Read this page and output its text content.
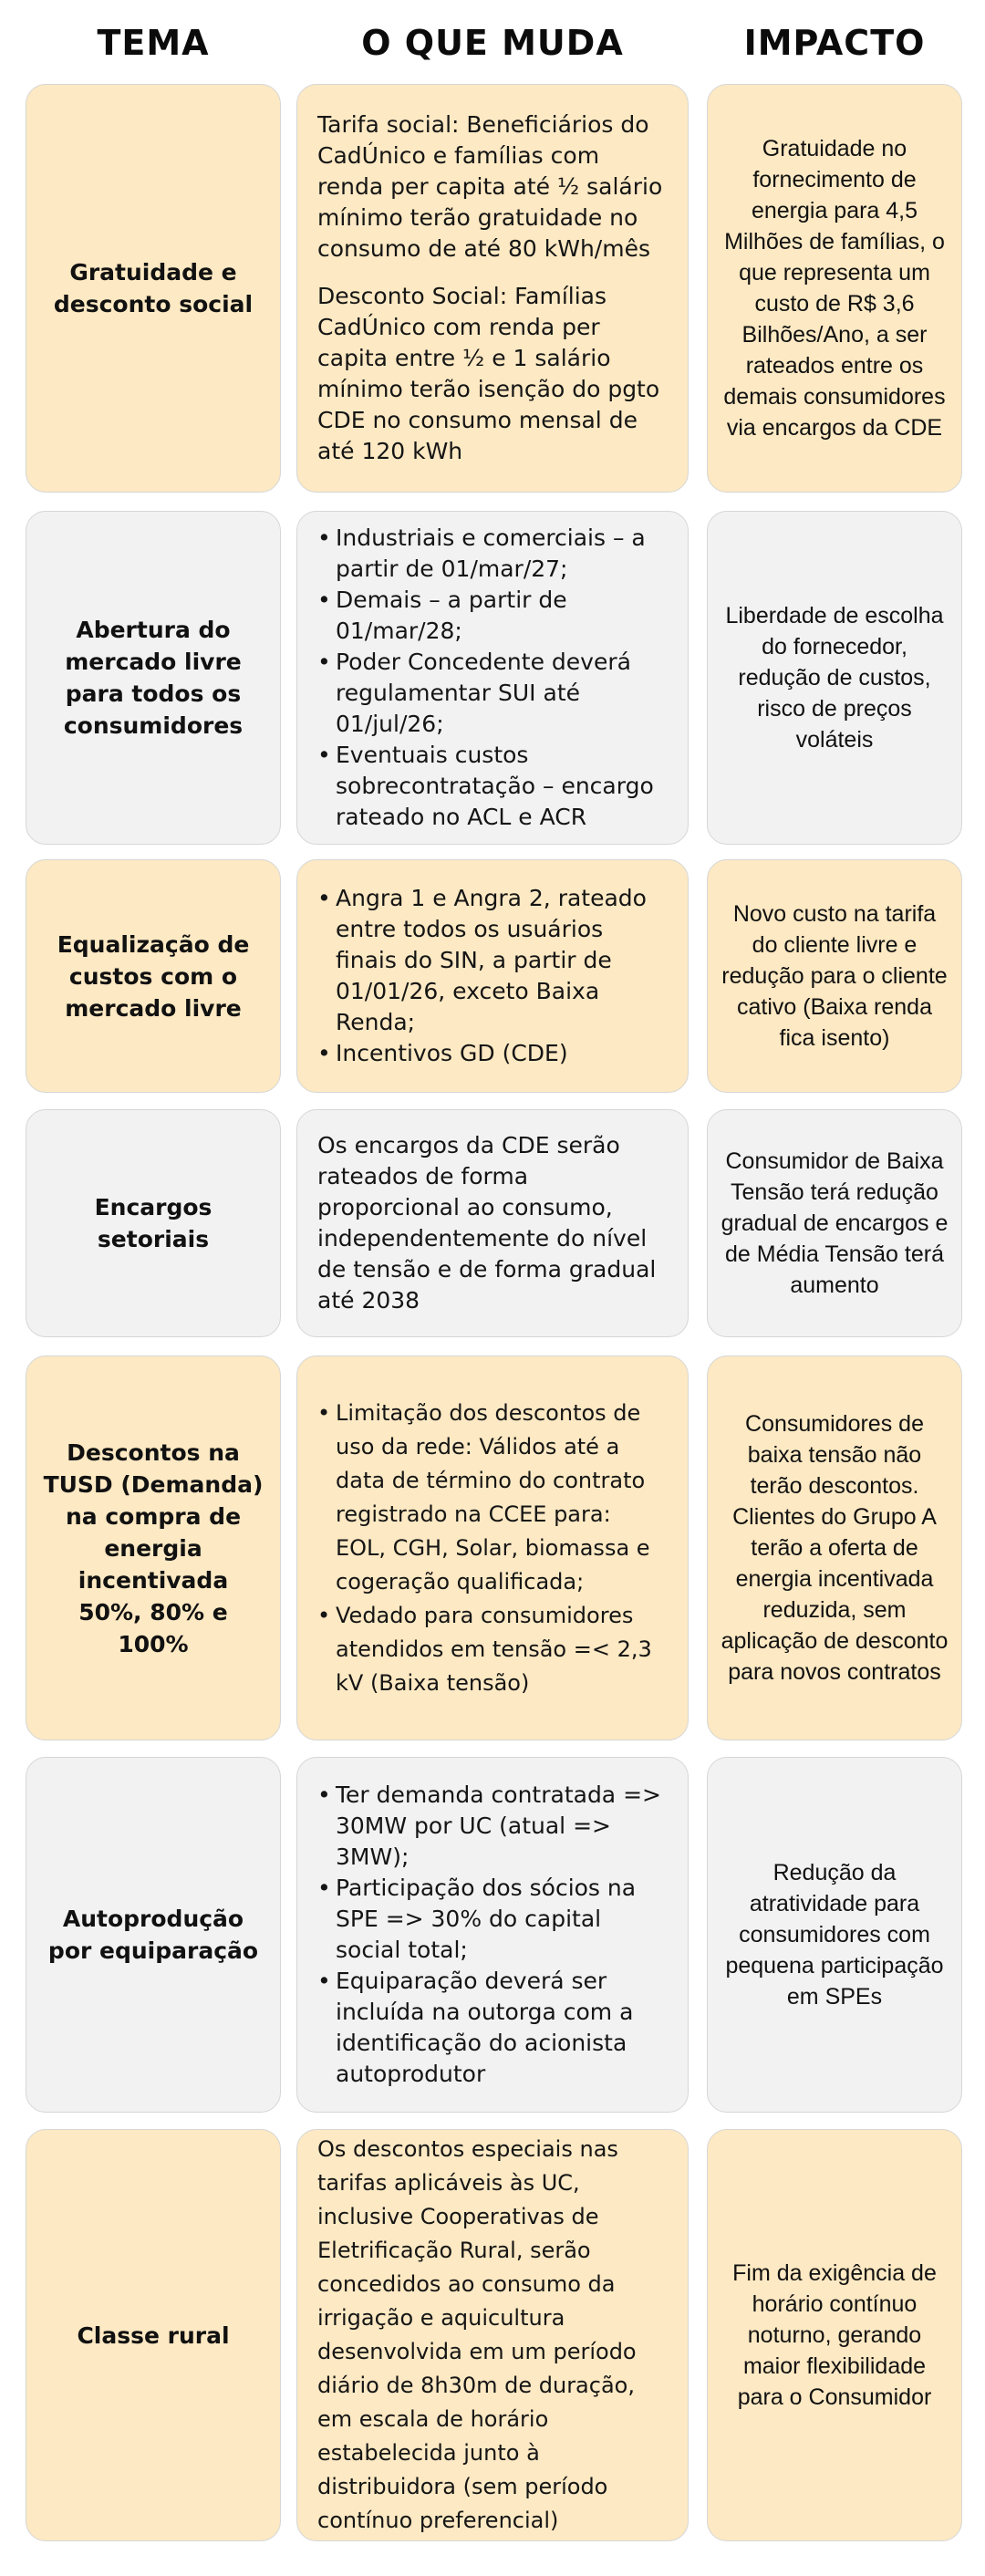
TEMA	O QUE MUDA	IMPACTO
Gratuidade e desconto social
Tarifa social: Beneficiários do CadÚnico e famílias com renda per capita até ½ salário mínimo terão gratuidade no consumo de até 80 kWh/mês
Desconto Social: Famílias CadÚnico com renda per capita entre ½ e 1 salário mínimo terão isenção do pgto CDE no consumo mensal de até 120 kWh
Gratuidade no fornecimento de energia para 4,5 Milhões de famílias, o que representa um custo de R$ 3,6 Bilhões/Ano, a ser rateados entre os demais consumidores via encargos da CDE
Abertura do mercado livre para todos os consumidores
• Industriais e comerciais – a partir de 01/mar/27;
• Demais – a partir de 01/mar/28;
• Poder Concedente deverá regulamentar SUI até 01/jul/26;
• Eventuais custos sobrecontratação – encargo rateado no ACL e ACR
Liberdade de escolha do fornecedor, redução de custos, risco de preços voláteis
Equalização de custos com o mercado livre
• Angra 1 e Angra 2, rateado entre todos os usuários finais do SIN, a partir de 01/01/26, exceto Baixa Renda;
• Incentivos GD (CDE)
Novo custo na tarifa do cliente livre e redução para o cliente cativo (Baixa renda fica isento)
Encargos setoriais
Os encargos da CDE serão rateados de forma proporcional ao consumo, independentemente do nível de tensão e de forma gradual até 2038
Consumidor de Baixa Tensão terá redução gradual de encargos e de Média Tensão terá aumento
Descontos na TUSD (Demanda) na compra de energia incentivada 50%, 80% e 100%
• Limitação dos descontos de uso da rede: Válidos até a data de término do contrato registrado na CCEE para: EOL, CGH, Solar, biomassa e cogeração qualificada;
• Vedado para consumidores atendidos em tensão =< 2,3 kV (Baixa tensão)
Consumidores de baixa tensão não terão descontos. Clientes do Grupo A terão a oferta de energia incentivada reduzida, sem aplicação de desconto para novos contratos
Autoprodução por equiparação
• Ter demanda contratada => 30MW por UC (atual => 3MW);
• Participação dos sócios na SPE => 30% do capital social total;
• Equiparação deverá ser incluída na outorga com a identificação do acionista autoprodutor
Redução da atratividade para consumidores com pequena participação em SPEs
Classe rural
Os descontos especiais nas tarifas aplicáveis às UC, inclusive Cooperativas de Eletrificação Rural, serão concedidos ao consumo da irrigação e aquicultura desenvolvida em um período diário de 8h30m de duração, em escala de horário estabelecida junto à distribuidora (sem período contínuo preferencial)
Fim da exigência de horário contínuo noturno, gerando maior flexibilidade para o Consumidor
